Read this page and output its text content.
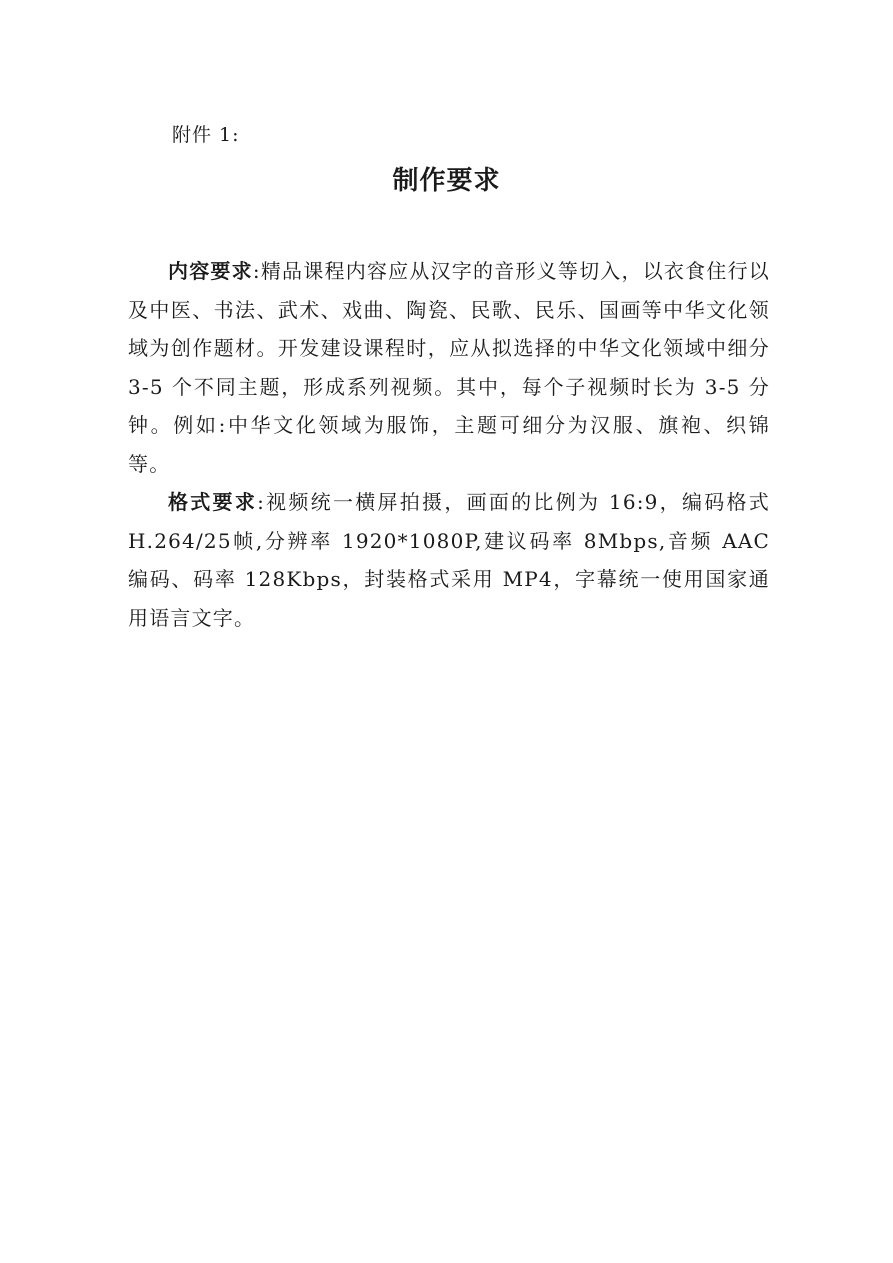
附件 1:
制作要求

内容要求:精品课程内容应从汉字的音形义等切入，以衣食住行以及中医、书法、武术、戏曲、陶瓷、民歌、民乐、国画等中华文化领域为创作题材。开发建设课程时，应从拟选择的中华文化领域中细分 3-5 个不同主题，形成系列视频。其中，每个子视频时长为 3-5 分钟。例如:中华文化领域为服饰，主题可细分为汉服、旗袍、织锦等。

格式要求:视频统一横屏拍摄，画面的比例为 16:9，编码格式 H.264/25帧,分辨率 1920*1080P,建议码率 8Mbps,音频 AAC 编码、码率 128Kbps，封装格式采用 MP4，字幕统一使用国家通用语言文字。
